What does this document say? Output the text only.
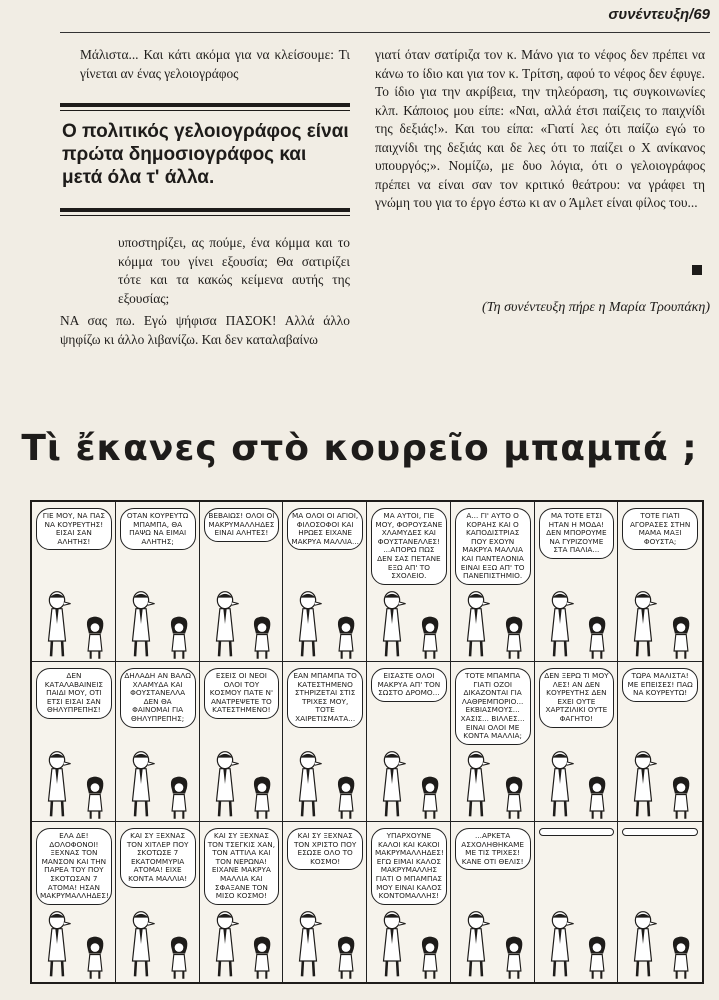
συνέντευξη/69

Μάλιστα... Και κάτι ακόμα για να κλείσουμε: Τι γίνεται αν ένας γελοιογράφος

Ο πολιτικός γελοιογράφος είναι πρώτα δημοσιογράφος και μετά όλα τ' άλλα.

υποστηρίζει, ας πούμε, ένα κόμμα και το κόμμα του γίνει εξουσία; Θα σατιρίζει τότε και τα κακώς κείμενα αυτής της εξουσίας;

ΝΑ σας πω. Εγώ ψήφισα ΠΑΣΟΚ! Αλλά άλλο ψηφίζω κι άλλο λιβανίζω. Και δεν καταλαβαίνω

γιατί όταν σατίριζα τον κ. Μάνο για το νέφος δεν πρέπει να κάνω το ίδιο και για τον κ. Τρίτση, αφού το νέφος δεν έφυγε. Το ίδιο για την ακρίβεια, την τηλεόραση, τις συγκοινωνίες κλπ. Κάποιος μου είπε: «Ναι, αλλά έτσι παίζεις το παιχνίδι της δεξιάς!». Και του είπα: «Γιατί λες ότι παίζω εγώ το παιχνίδι της δεξιάς και δε λες ότι το παίζει ο Χ ανίκανος υπουργός;». Νομίζω, με δυο λόγια, ότι ο γελοιογράφος πρέπει να είναι σαν τον κριτικό θεάτρου: να γράφει τη γνώμη του για το έργο έστω κι αν ο Άμλετ είναι φίλος του...

(Τη συνέντευξη πήρε η Μαρία Τρουπάκη)
Τὶ ἔκανες στὸ κουρεῖο μπαμπά ;
ΓΙΕ ΜΟΥ, ΝΑ ΠΑΣ ΝΑ ΚΟΥΡΕΥΤΗΣ! ΕΙΣΑΙ ΣΑΝ ΑΛΗΤΗΣ!
ΟΤΑΝ ΚΟΥΡΕΥΤΩ ΜΠΑΜΠΑ, ΘΑ ΠΑΨΩ ΝΑ ΕΙΜΑΙ ΑΛΗΤΗΣ;
ΒΕΒΑΙΩΣ! ΟΛΟΙ ΟΙ ΜΑΚΡΥΜΑΛΛΗΔΕΣ ΕΙΝΑΙ ΑΛΗΤΕΣ!
ΜΑ ΟΛΟΙ ΟΙ ΑΓΙΟΙ, ΦΙΛΟΣΟΦΟΙ ΚΑΙ ΗΡΩΕΣ ΕΙΧΑΝΕ ΜΑΚΡΥΑ ΜΑΛΛΙΑ...
ΜΑ ΑΥΤΟΙ, ΓΙΕ ΜΟΥ, ΦΟΡΟΥΣΑΝΕ ΧΛΑΜΥΔΕΣ ΚΑΙ ΦΟΥΣΤΑΝΕΛΛΕΣ! ...ΑΠΟΡΩ ΠΩΣ ΔΕΝ ΣΑΣ ΠΕΤΑΝΕ ΕΞΩ ΑΠ' ΤΟ ΣΧΟΛΕΙΟ.
Α... ΓΙ' ΑΥΤΟ Ο ΚΟΡΑΗΣ ΚΑΙ Ο ΚΑΠΟΔΙΣΤΡΙΑΣ ΠΟΥ ΕΧΟΥΝ ΜΑΚΡΥΑ ΜΑΛΛΙΑ ΚΑΙ ΠΑΝΤΕΛΟΝΙΑ ΕΙΝΑΙ ΕΞΩ ΑΠ' ΤΟ ΠΑΝΕΠΙΣΤΗΜΙΟ.
ΜΑ ΤΟΤΕ ΕΤΣΙ ΗΤΑΝ Η ΜΟΔΑ! ΔΕΝ ΜΠΟΡΟΥΜΕ ΝΑ ΓΥΡΙΖΟΥΜΕ ΣΤΑ ΠΑΛΙΑ...
ΤΟΤΕ ΓΙΑΤΙ ΑΓΟΡΑΣΕΣ ΣΤΗΝ ΜΑΜΑ ΜΑΞΙ ΦΟΥΣΤΑ;
ΔΕΝ ΚΑΤΑΛΑΒΑΙΝΕΙΣ ΠΑΙΔΙ ΜΟΥ, ΟΤΙ ΕΤΣΙ ΕΙΣΑΙ ΣΑΝ ΘΗΛΥΠΡΕΠΗΣ!
ΔΗΛΑΔΗ ΑΝ ΒΑΛΩ ΧΛΑΜΥΔΑ ΚΑΙ ΦΟΥΣΤΑΝΕΛΛΑ ΔΕΝ ΘΑ ΦΑΙΝΟΜΑΙ ΓΙΑ ΘΗΛΥΠΡΕΠΗΣ;
ΕΣΕΙΣ ΟΙ ΝΕΟΙ ΟΛΟΙ ΤΟΥ ΚΟΣΜΟΥ ΠΑΤΕ Ν' ΑΝΑΤΡΕΨΕΤΕ ΤΟ ΚΑΤΕΣΤΗΜΕΝΟ!
ΕΑΝ ΜΠΑΜΠΑ ΤΟ ΚΑΤΕΣΤΗΜΕΝΟ ΣΤΗΡΙΖΕΤΑΙ ΣΤΙΣ ΤΡΙΧΕΣ ΜΟΥ, ΤΟΤΕ ΧΑΙΡΕΤΙΣΜΑΤΑ...
ΕΙΣΑΣΤΕ ΟΛΟΙ ΜΑΚΡΥΑ ΑΠ' ΤΟΝ ΣΩΣΤΟ ΔΡΟΜΟ...
ΤΟΤΕ ΜΠΑΜΠΑ ΓΙΑΤΙ ΟΖΟΙ ΔΙΚΑΖΟΝΤΑΙ ΓΙΑ ΛΑΘΡΕΜΠΟΡΙΟ... ΕΚΒΙΑΣΜΟΥΣ... ΧΑΣΙΣ... ΒΙΛΛΕΣ... ΕΙΝΑΙ ΟΛΟΙ ΜΕ ΚΟΝΤΑ ΜΑΛΛΙΑ;
ΔΕΝ ΞΕΡΩ ΤΙ ΜΟΥ ΛΕΣ! ΑΝ ΔΕΝ ΚΟΥΡΕΥΤΗΣ ΔΕΝ ΕΧΕΙ ΟΥΤΕ ΧΑΡΤΖΙΛΙΚΙ ΟΥΤΕ ΦΑΓΗΤΟ!
ΤΩΡΑ ΜΑΛΙΣΤΑ! ΜΕ ΕΠΕΙΣΕΣ! ΠΑΩ ΝΑ ΚΟΥΡΕΥΤΩ!
ΕΛΑ ΔΕ! ΔΟΛΟΦΟΝΟΙ! ΞΕΧΝΑΣ ΤΟΝ ΜΑΝΣΟΝ ΚΑΙ ΤΗΝ ΠΑΡΕΑ ΤΟΥ ΠΟΥ ΣΚΟΤΩΣΑΝ 7 ΑΤΟΜΑ! ΗΣΑΝ ΜΑΚΡΥΜΑΛΛΗΔΕΣ!
ΚΑΙ ΣΥ ΞΕΧΝΑΣ ΤΟΝ ΧΙΤΛΕΡ ΠΟΥ ΣΚΟΤΩΣΕ 7 ΕΚΑΤΟΜΜΥΡΙΑ ΑΤΟΜΑ! ΕΙΧΕ ΚΟΝΤΑ ΜΑΛΛΙΑ!
ΚΑΙ ΣΥ ΞΕΧΝΑΣ ΤΟΝ ΤΣΕΓΚΙΣ ΧΑΝ, ΤΟΝ ΑΤΤΙΛΑ ΚΑΙ ΤΟΝ ΝΕΡΩΝΑ! ΕΙΧΑΝΕ ΜΑΚΡΥΑ ΜΑΛΛΙΑ ΚΑΙ ΣΦΑΞΑΝΕ ΤΟΝ ΜΙΣΟ ΚΟΣΜΟ!
ΚΑΙ ΣΥ ΞΕΧΝΑΣ ΤΟΝ ΧΡΙΣΤΟ ΠΟΥ ΕΣΩΣΕ ΟΛΟ ΤΟ ΚΟΣΜΟ!
ΥΠΑΡΧΟΥΝΕ ΚΑΛΟΙ ΚΑΙ ΚΑΚΟΙ ΜΑΚΡΥΜΑΛΛΗΔΕΣ! ΕΓΩ ΕΙΜΑΙ ΚΑΛΟΣ ΜΑΚΡΥΜΑΛΛΗΣ ΓΙΑΤΙ Ο ΜΠΑΜΠΑΣ ΜΟΥ ΕΙΝΑΙ ΚΑΛΟΣ ΚΟΝΤΟΜΑΛΛΗΣ!
...ΑΡΚΕΤΑ ΑΣΧΟΛΗΘΗΚΑΜΕ ΜΕ ΤΙΣ ΤΡΙΧΕΣ! ΚΑΝΕ ΟΤΙ ΘΕΛΙΣ!
